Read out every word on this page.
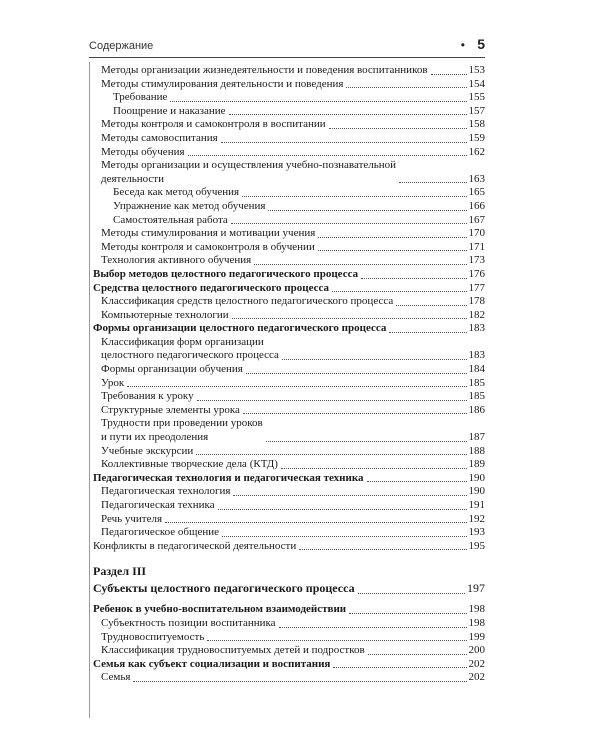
Содержание	• 5
Методы организации жизнедеятельности и поведения воспитанников	153
Методы стимулирования деятельности и поведения	154
Требование	155
Поощрение и наказание	157
Методы контроля и самоконтроля в воспитании	158
Методы самовоспитания	159
Методы обучения	162
Методы организации и осуществления учебно-познавательной
деятельности	163
Беседа как метод обучения	165
Упражнение как метод обучения	166
Самостоятельная работа	167
Методы стимулирования и мотивации учения	170
Методы контроля и самоконтроля в обучении	171
Технология активного обучения	173
Выбор методов целостного педагогического процесса	176
Средства целостного педагогического процесса	177
Классификация средств целостного педагогического процесса	178
Компьютерные технологии	182
Формы организации целостного педагогического процесса	183
Классификация форм организации
целостного педагогического процесса	183
Формы организации обучения	184
Урок	185
Требования к уроку	185
Структурные элементы урока	186
Трудности при проведении уроков
и пути их преодоления	187
Учебные экскурсии	188
Коллективные творческие дела (КТД)	189
Педагогическая технология и педагогическая техника	190
Педагогическая технология	190
Педагогическая техника	191
Речь учителя	192
Педагогическое общение	193
Конфликты в педагогической деятельности	195
Раздел III
Субъекты целостного педагогического процесса	197
Ребенок в учебно-воспитательном взаимодействии	198
Субъектность позиции воспитанника	198
Трудновоспитуемость	199
Классификация трудновоспитуемых детей и подростков	200
Семья как субъект социализации и воспитания	202
Семья	202
